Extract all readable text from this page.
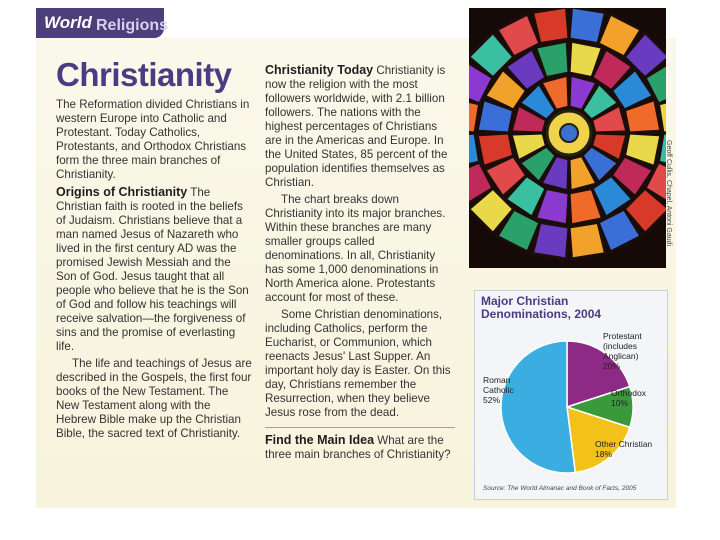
World Religions
Christianity

The Reformation divided Christians in western Europe into Catholic and Protestant. Today Catholics, Protestants, and Orthodox Christians form the three main branches of Christianity.

Origins of Christianity The Christian faith is rooted in the beliefs of Judaism. Christians believe that a man named Jesus of Nazareth who lived in the first century AD was the promised Jewish Messiah and the Son of God. Jesus taught that all people who believe that he is the Son of God and follow his teachings will receive salvation—the forgiveness of sins and the promise of everlasting life.

The life and teachings of Jesus are described in the Gospels, the first four books of the New Testament. The New Testament along with the Hebrew Bible make up the Christian Bible, the sacred text of Christianity.

Christianity Today Christianity is now the religion with the most followers worldwide, with 2.1 billion followers. The nations with the highest percentages of Christians are in the Americas and Europe. In the United States, 85 percent of the population identifies themselves as Christian.

The chart breaks down Christianity into its major branches. Within these branches are many smaller groups called denominations. In all, Christianity has some 1,000 denominations in North America alone. Protestants account for most of these.

Some Christian denominations, including Catholics, perform the Eucharist, or Communion, which reenacts Jesus' Last Supper. An important holy day is Easter. On this day, Christians remember the Resurrection, when they believe Jesus rose from the dead.

Find the Main Idea What are the three main branches of Christianity?

Geoff Cullis, Chapel, Antoni Gaudi
Major Christian
Denominations, 2004
Roman
Catholic
52%
Protestant
(includes
Anglican)
20%
Orthodox
10%
Other Christian
18%
Source: The World Almanac and Book of Facts, 2005
